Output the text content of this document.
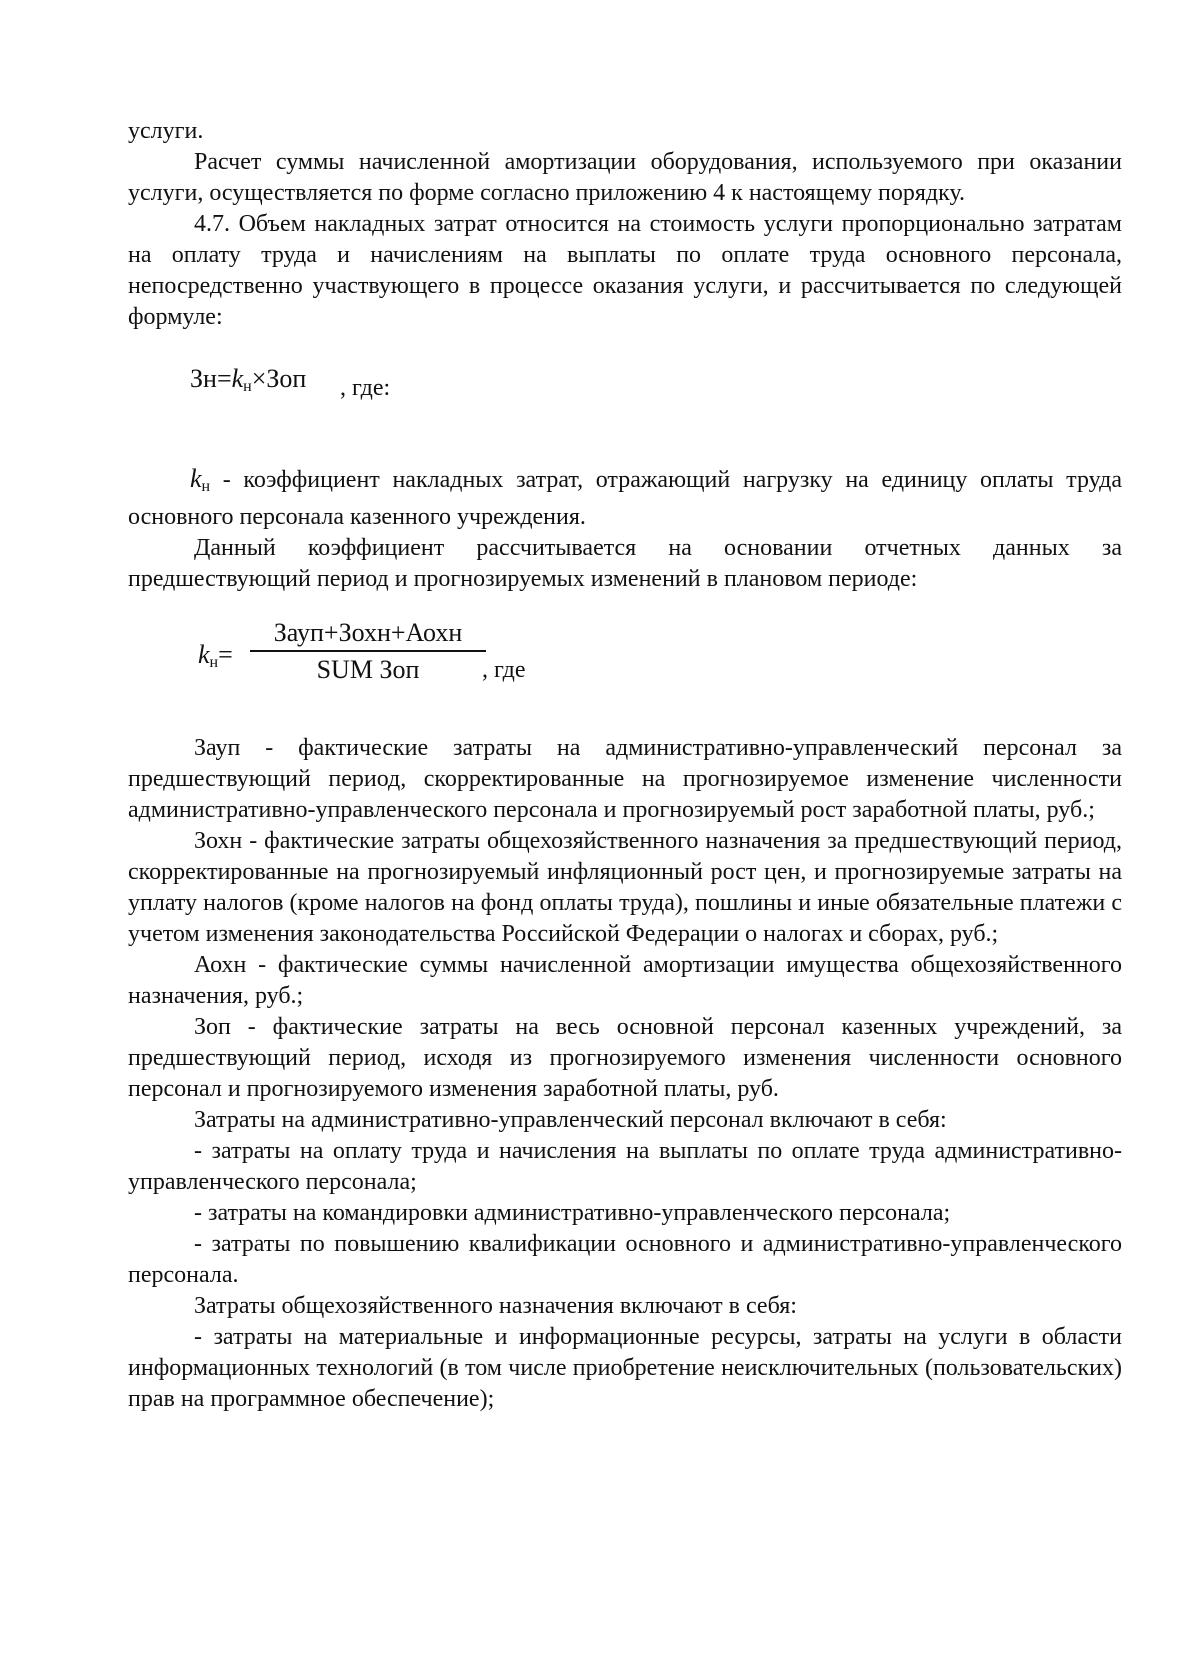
услуги.

Расчет суммы начисленной амортизации оборудования, используемого при оказании услуги, осуществляется по форме согласно приложению 4 к настоящему порядку.

4.7. Объем накладных затрат относится на стоимость услуги пропорционально затратам на оплату труда и начислениям на выплаты по оплате труда основного персонала, непосредственно участвующего в процессе оказания услуги, и рассчитывается по следующей формуле:

$Зн=k_н\times Зоп$ , где:

$k_н$ - коэффициент накладных затрат, отражающий нагрузку на единицу оплаты труда основного персонала казенного учреждения.

Данный коэффициент рассчитывается на основании отчетных данных за предшествующий период и прогнозируемых изменений в плановом периоде:

$k_н=$
Зауп+Зохн+Аохн
SUM Зоп	, где

Зауп - фактические затраты на административно-управленческий персонал за предшествующий период, скорректированные на прогнозируемое изменение численности административно-управленческого персонала и прогнозируемый рост заработной платы, руб.;

Зохн - фактические затраты общехозяйственного назначения за предшествующий период, скорректированные на прогнозируемый инфляционный рост цен, и прогнозируемые затраты на уплату налогов (кроме налогов на фонд оплаты труда), пошлины и иные обязательные платежи с учетом изменения законодательства Российской Федерации о налогах и сборах, руб.;

Аохн - фактические суммы начисленной амортизации имущества общехозяйственного назначения, руб.;

Зоп - фактические затраты на весь основной персонал казенных учреждений, за предшествующий период, исходя из прогнозируемого изменения численности основного персонал и прогнозируемого изменения заработной платы, руб.

Затраты на административно-управленческий персонал включают в себя:

- затраты на оплату труда и начисления на выплаты по оплате труда административно-управленческого персонала;

- затраты на командировки административно-управленческого персонала;

- затраты по повышению квалификации основного и административно-управленческого персонала.

Затраты общехозяйственного назначения включают в себя:

- затраты на материальные и информационные ресурсы, затраты на услуги в области информационных технологий (в том числе приобретение неисключительных (пользовательских) прав на программное обеспечение);
